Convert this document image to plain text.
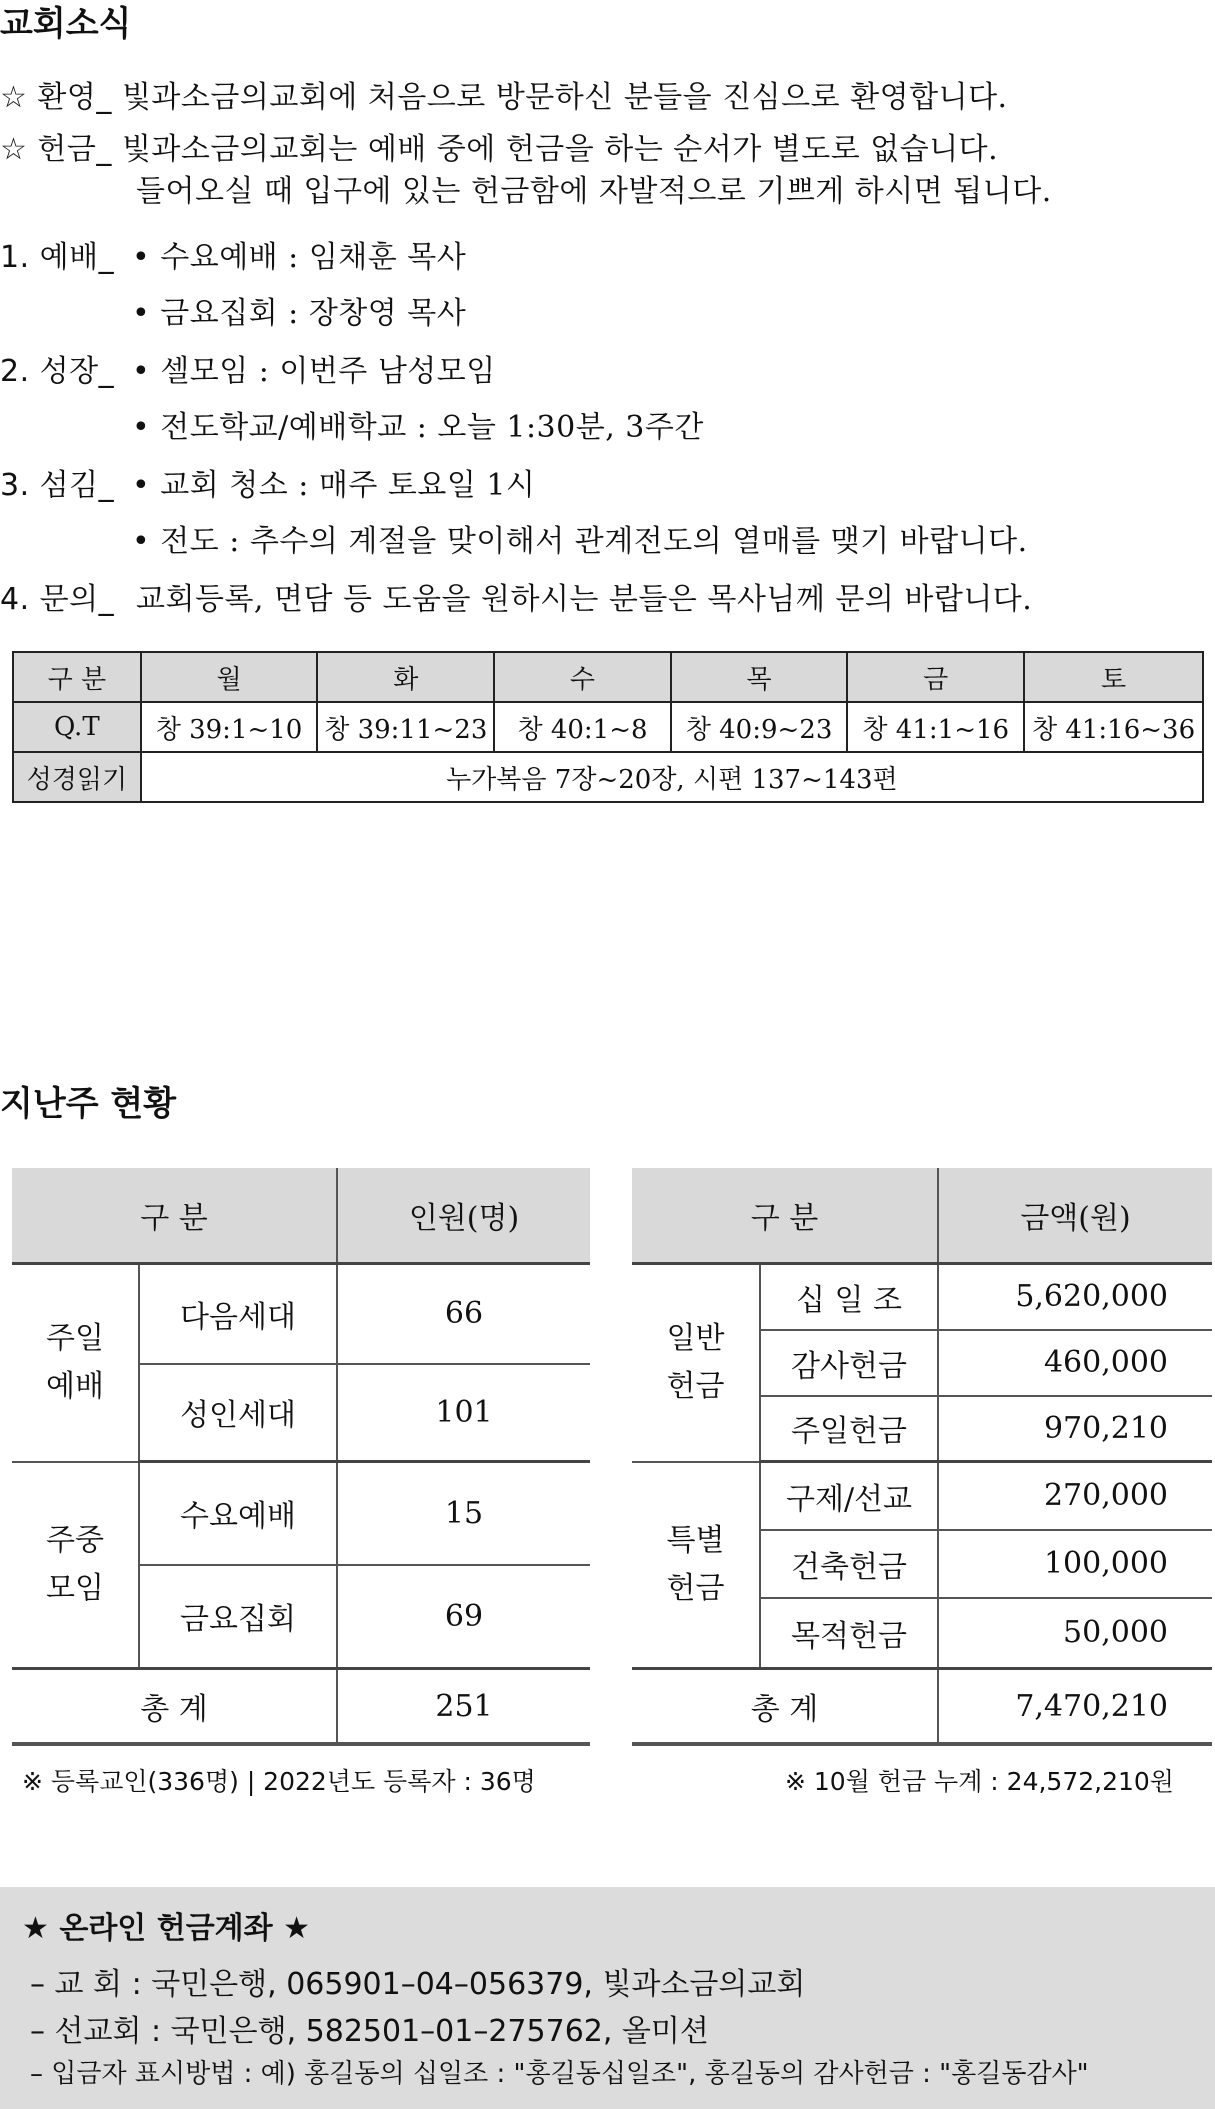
교회소식
☆ 환영_ 빛과소금의교회에 처음으로 방문하신 분들을 진심으로 환영합니다.
☆ 헌금_ 빛과소금의교회는 예배 중에 헌금을 하는 순서가 별도로 없습니다.
들어오실 때 입구에 있는 헌금함에 자발적으로 기쁘게 하시면 됩니다.
1. 예배_ • 수요예배 : 임채훈 목사
• 금요집회 : 장창영 목사
2. 성장_ • 셀모임 : 이번주 남성모임
• 전도학교/예배학교 : 오늘 1:30분, 3주간
3. 섬김_ • 교회 청소 : 매주 토요일 1시
• 전도 : 추수의 계절을 맞이해서 관계전도의 열매를 맺기 바랍니다.
4. 문의_ 교회등록, 면담 등 도움을 원하시는 분들은 목사님께 문의 바랍니다.
구 분	월	화	수	목	금	토
Q.T	창 39:1~10	창 39:11~23	창 40:1~8	창 40:9~23	창 41:1~16	창 41:16~36
성경읽기	누가복음 7장~20장, 시편 137~143편					
지난주 현황
구 분		인원(명)
주일
예배	다음세대	66
	성인세대	101
주중
모임	수요예배	15
	금요집회	69
총 계		251
구 분		금액(원)
일반
헌금	십 일 조	5,620,000
	감사헌금	460,000
	주일헌금	970,210
특별
헌금	구제/선교	270,000
	건축헌금	100,000
	목적헌금	50,000
총 계		7,470,210
※ 등록교인(336명) | 2022년도 등록자 : 36명	※ 10월 헌금 누계 : 24,572,210원
★ 온라인 헌금계좌 ★
– 교 회 : 국민은행, 065901–04–056379, 빛과소금의교회
– 선교회 : 국민은행, 582501–01–275762, 올미션
– 입금자 표시방법 : 예) 홍길동의 십일조 : "홍길동십일조", 홍길동의 감사헌금 : "홍길동감사"
